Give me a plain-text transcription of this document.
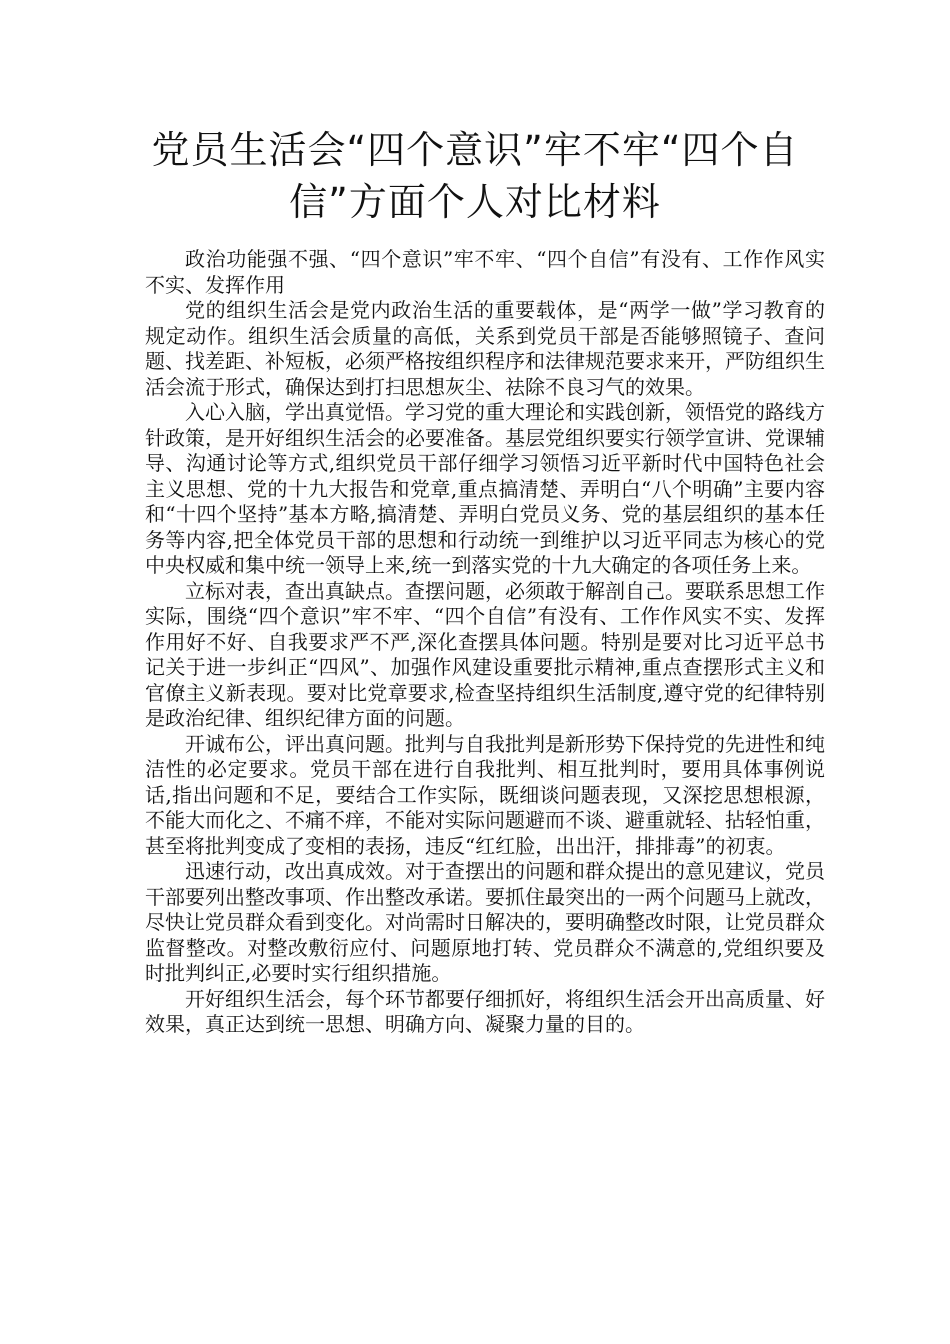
党员生活会“四个意识”牢不牢“四个自信”方面个人对比材料

政治功能强不强、“四个意识”牢不牢、“四个自信”有没有、工作作风实不实、发挥作用

党的组织生活会是党内政治生活的重要载体，是“两学一做”学习教育的规定动作。组织生活会质量的高低，关系到党员干部是否能够照镜子、查问题、找差距、补短板，必须严格按组织程序和法律规范要求来开，严防组织生活会流于形式，确保达到打扫思想灰尘、祛除不良习气的效果。

入心入脑，学出真觉悟。学习党的重大理论和实践创新，领悟党的路线方针政策，是开好组织生活会的必要准备。基层党组织要实行领学宣讲、党课辅导、沟通讨论等方式,组织党员干部仔细学习领悟习近平新时代中国特色社会主义思想、党的十九大报告和党章,重点搞清楚、弄明白“八个明确”主要内容和“十四个坚持”基本方略,搞清楚、弄明白党员义务、党的基层组织的基本任务等内容,把全体党员干部的思想和行动统一到维护以习近平同志为核心的党中央权威和集中统一领导上来,统一到落实党的十九大确定的各项任务上来。

立标对表，查出真缺点。查摆问题，必须敢于解剖自己。要联系思想工作实际，围绕“四个意识”牢不牢、“四个自信”有没有、工作作风实不实、发挥作用好不好、自我要求严不严,深化查摆具体问题。特别是要对比习近平总书记关于进一步纠正“四风”、加强作风建设重要批示精神,重点查摆形式主义和官僚主义新表现。要对比党章要求,检查坚持组织生活制度,遵守党的纪律特别是政治纪律、组织纪律方面的问题。

开诚布公，评出真问题。批判与自我批判是新形势下保持党的先进性和纯洁性的必定要求。党员干部在进行自我批判、相互批判时，要用具体事例说话,指出问题和不足，要结合工作实际，既细谈问题表现，又深挖思想根源，不能大而化之、不痛不痒，不能对实际问题避而不谈、避重就轻、拈轻怕重，甚至将批判变成了变相的表扬，违反“红红脸，出出汗，排排毒”的初衷。

迅速行动，改出真成效。对于查摆出的问题和群众提出的意见建议，党员干部要列出整改事项、作出整改承诺。要抓住最突出的一两个问题马上就改，尽快让党员群众看到变化。对尚需时日解决的，要明确整改时限，让党员群众监督整改。对整改敷衍应付、问题原地打转、党员群众不满意的,党组织要及时批判纠正,必要时实行组织措施。

开好组织生活会，每个环节都要仔细抓好，将组织生活会开出高质量、好效果，真正达到统一思想、明确方向、凝聚力量的目的。
